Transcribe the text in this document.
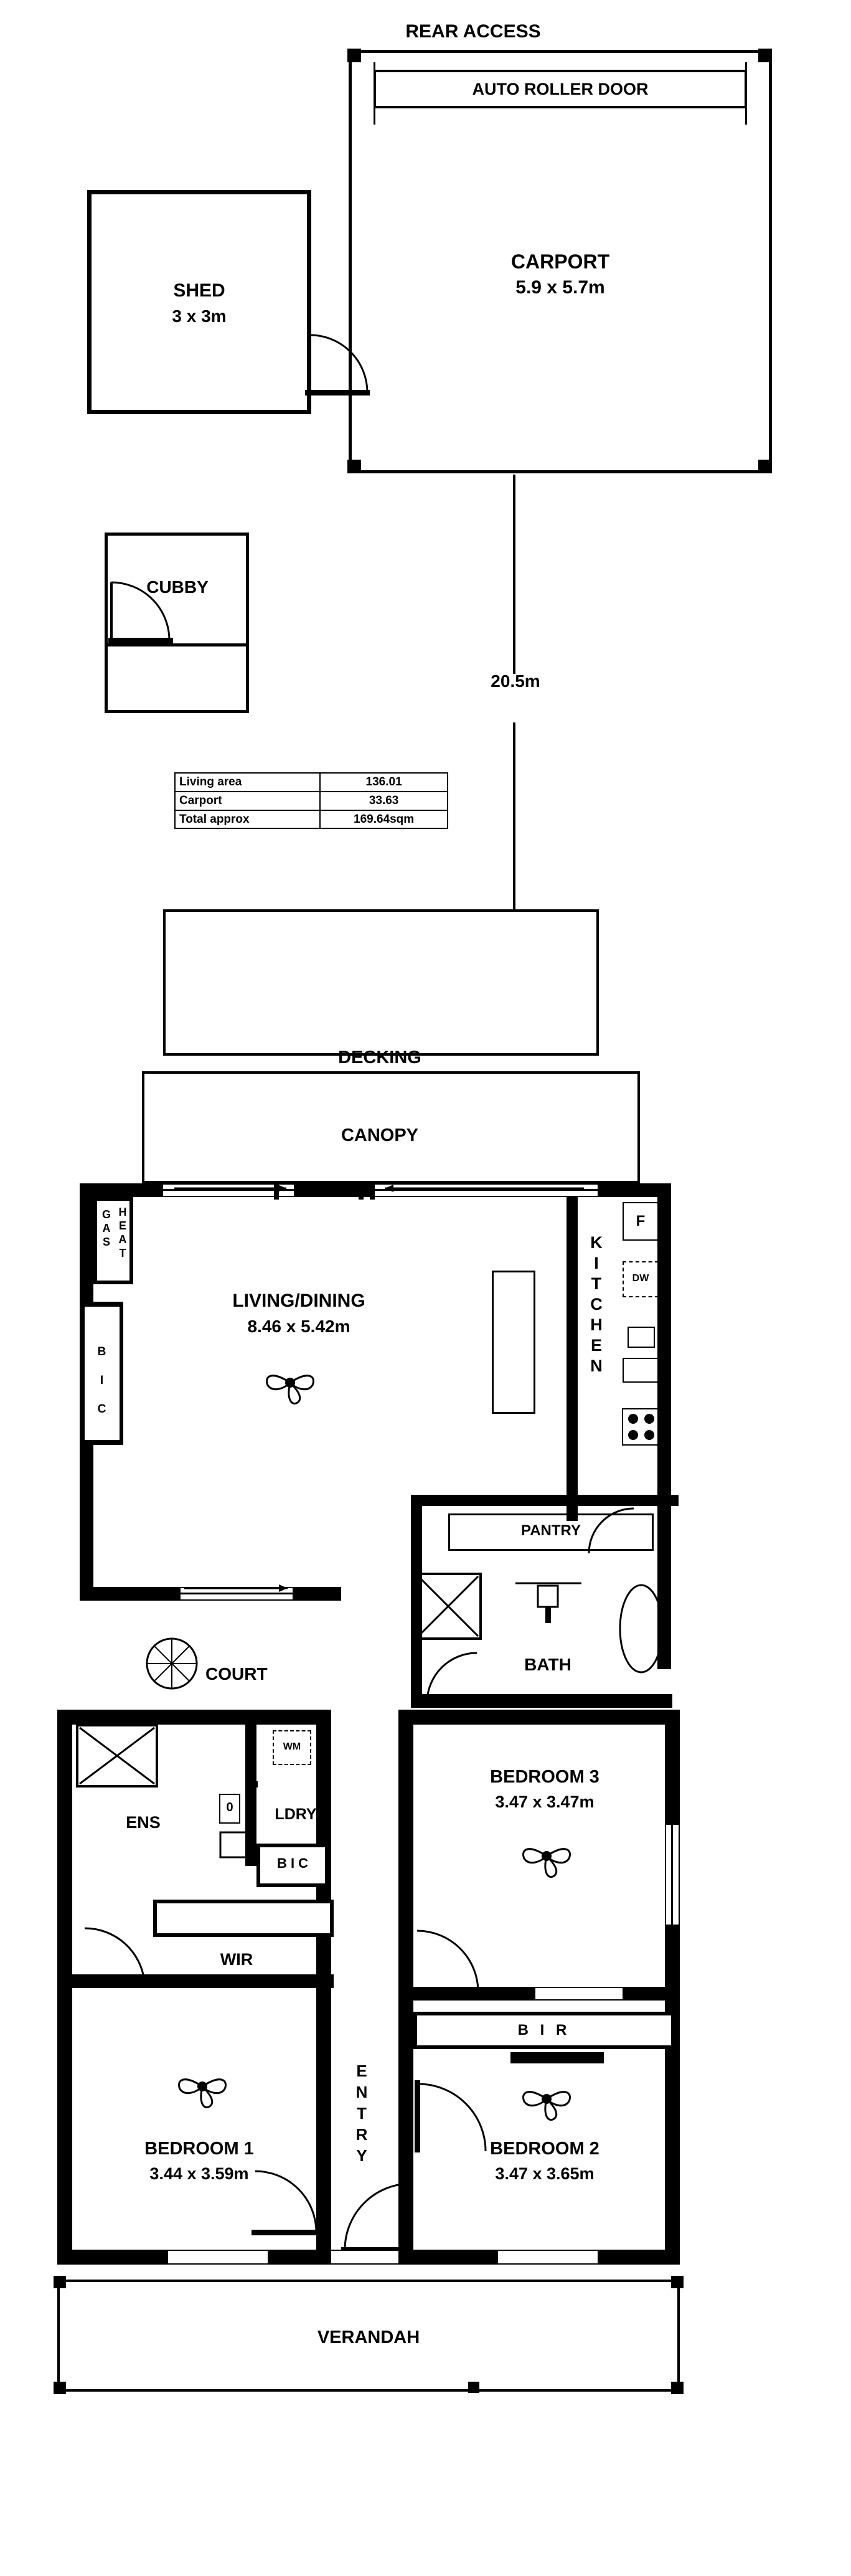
REAR ACCESS
AUTO ROLLER DOOR
CARPORT
5.9 x 5.7m
SHED
3 x 3m
CUBBY
Living area	136.01
Carport	33.63
Total approx	169.64sqm
20.5m
DECKING
CANOPY
GAS HEAT
B I C
LIVING/DINING
8.46 x 5.42m	KITCHEN
F
DW
PANTRY
BATH
COURT
ENS
0
WM
LDRY
B I C
WIR
BEDROOM 1
3.44 x 3.59m
ENTRY
BEDROOM 3
3.47 x 3.47m
B I R
BEDROOM 2
3.47 x 3.65m
VERANDAH
